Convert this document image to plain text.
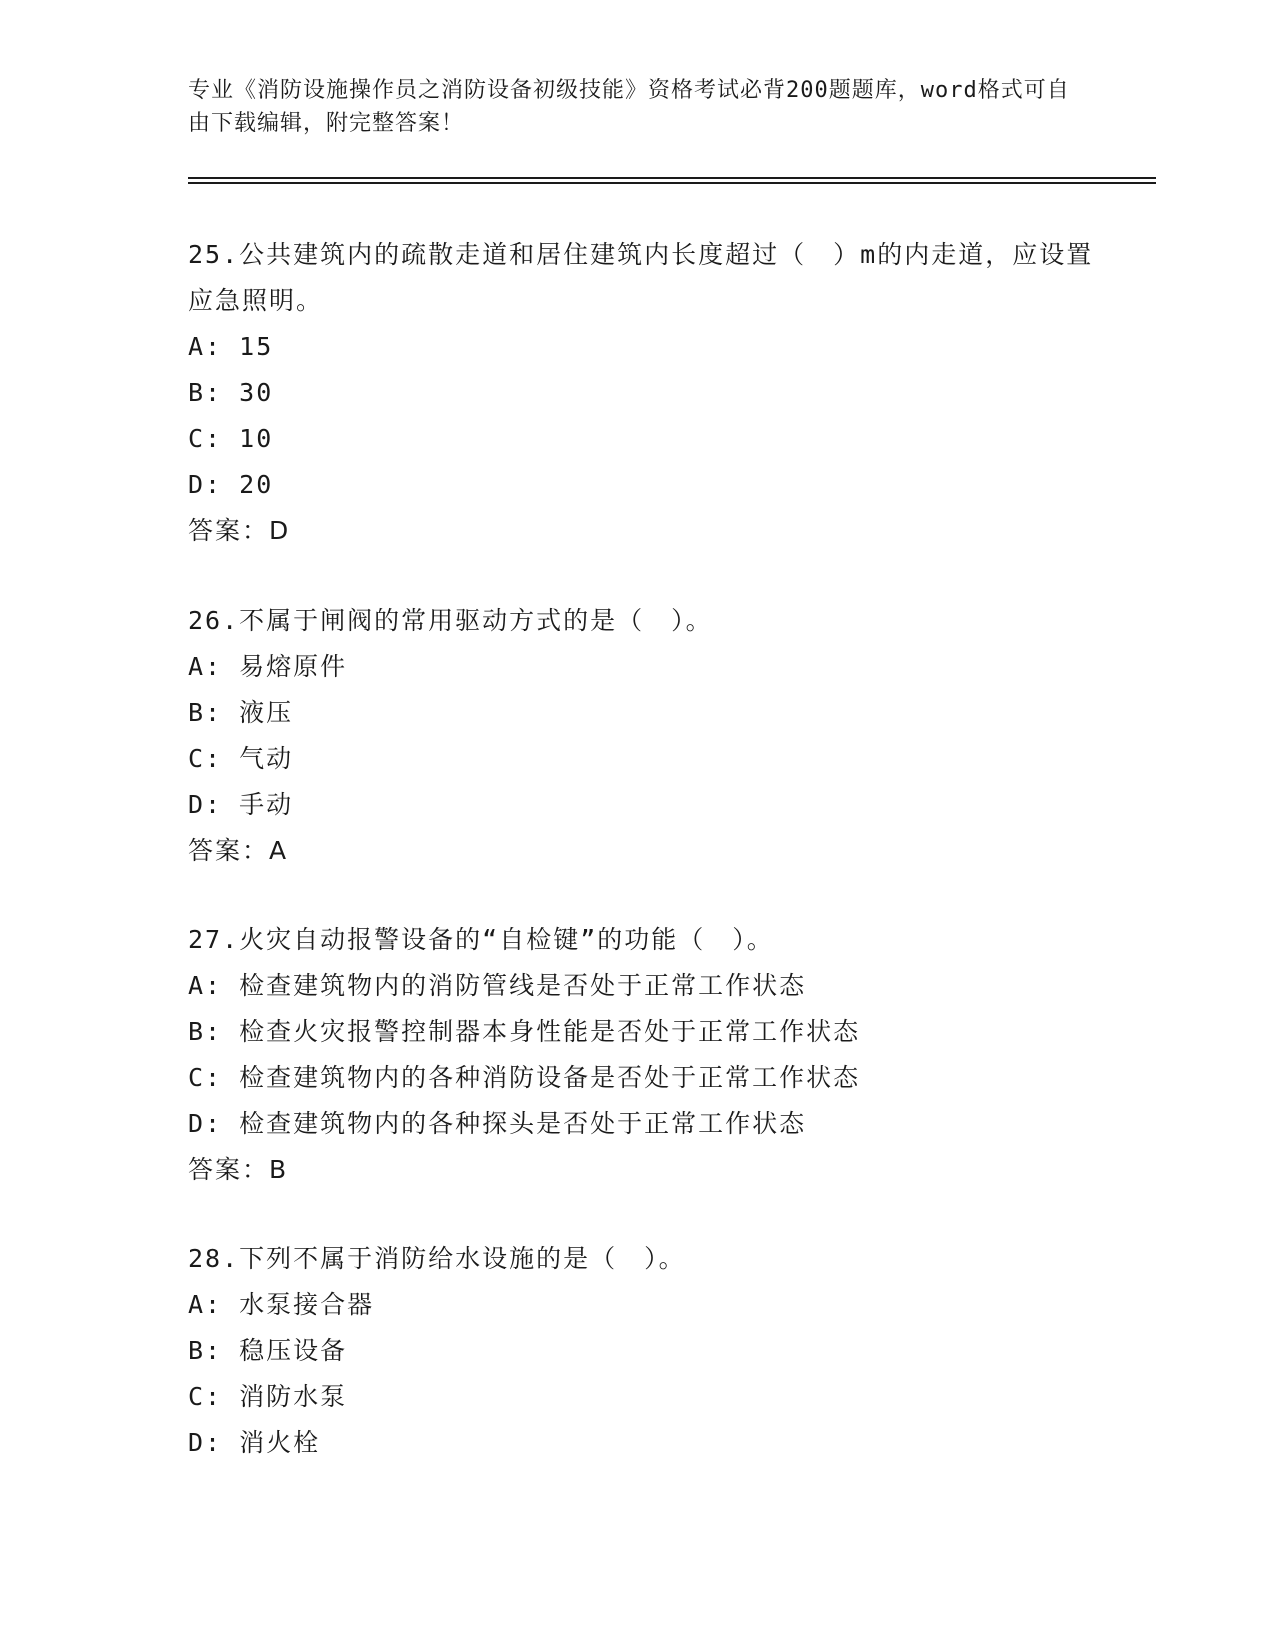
专业《消防设施操作员之消防设备初级技能》资格考试必背200题题库，word格式可自由下载编辑，附完整答案！

25.公共建筑内的疏散走道和居住建筑内长度超过（　）m的内走道，应设置应急照明。

A: 15

B: 30

C: 10

D: 20

答案：D

26.不属于闸阀的常用驱动方式的是（　）。

A: 易熔原件

B: 液压

C: 气动

D: 手动

答案：A

27.火灾自动报警设备的“自检键”的功能（　）。

A: 检查建筑物内的消防管线是否处于正常工作状态

B: 检查火灾报警控制器本身性能是否处于正常工作状态

C: 检查建筑物内的各种消防设备是否处于正常工作状态

D: 检查建筑物内的各种探头是否处于正常工作状态

答案：B

28.下列不属于消防给水设施的是（　）。

A: 水泵接合器

B: 稳压设备

C: 消防水泵

D: 消火栓
